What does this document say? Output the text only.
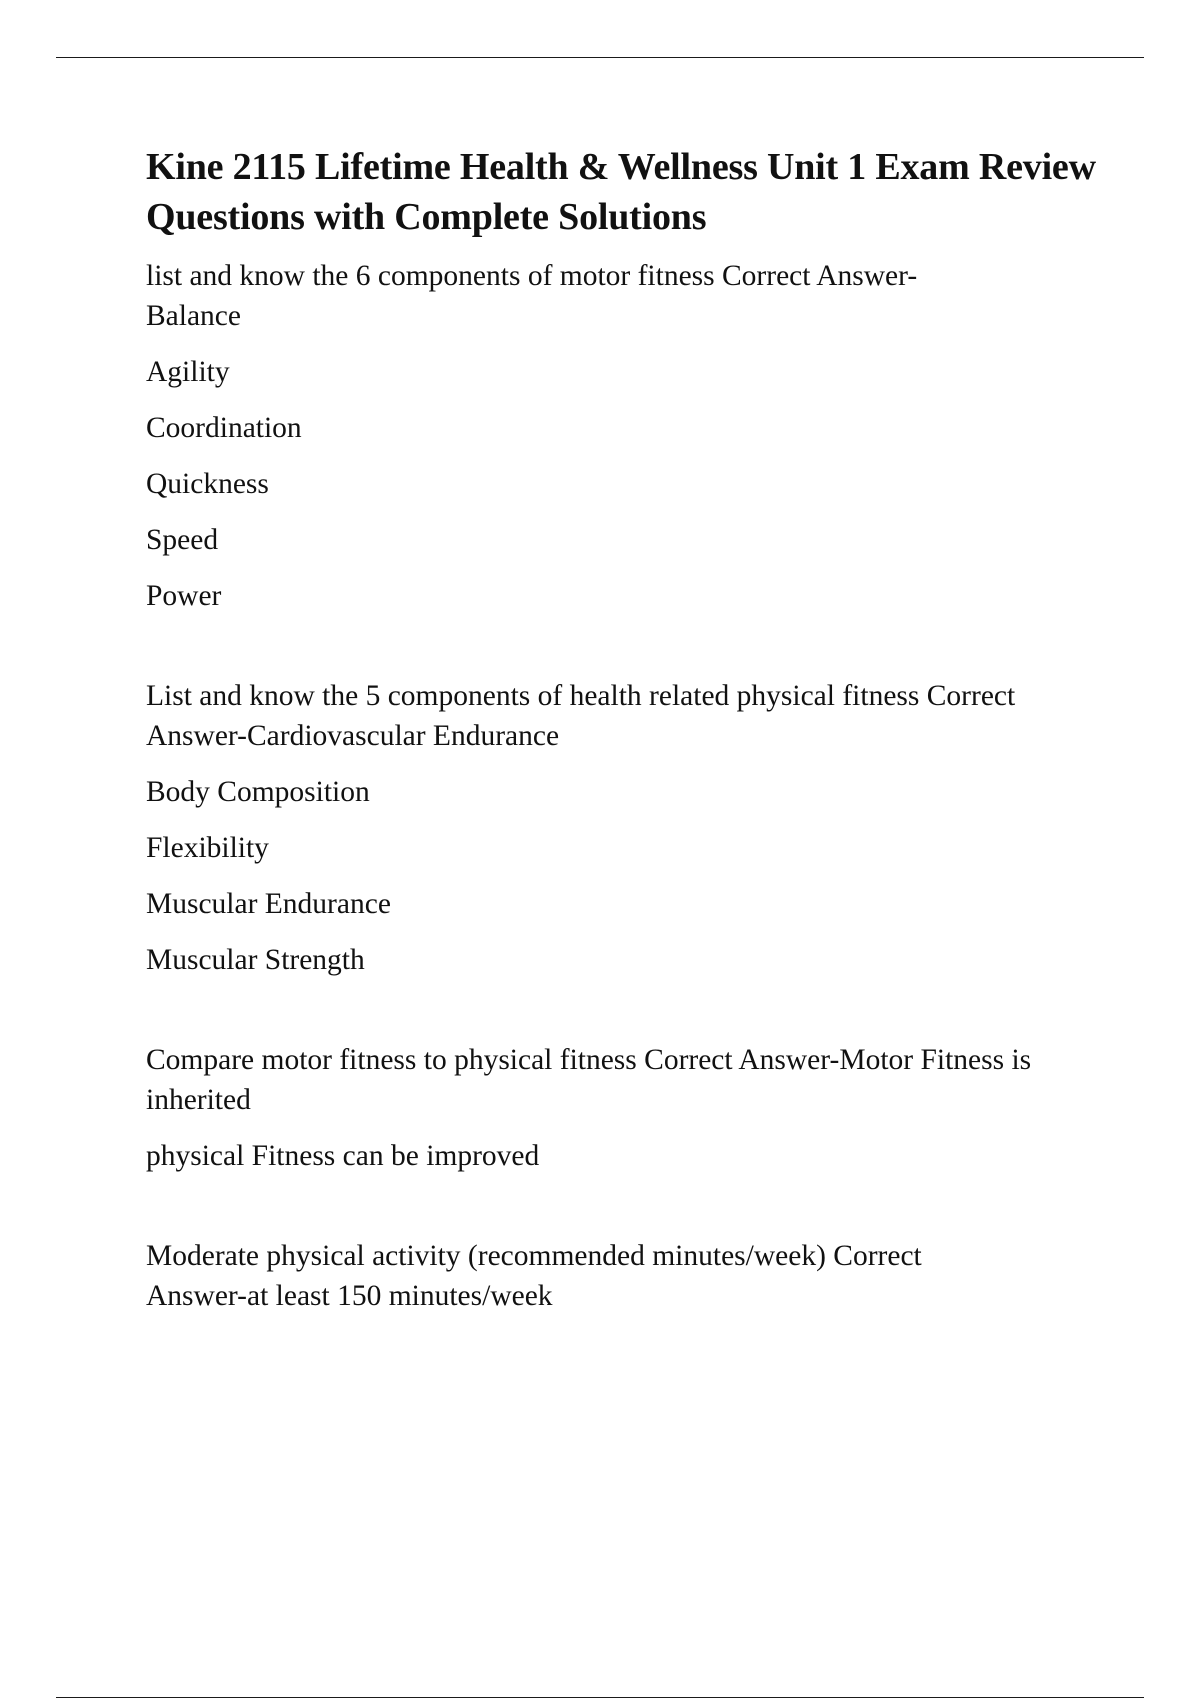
Kine 2115 Lifetime Health & Wellness Unit 1 Exam Review Questions with Complete Solutions

list and know the 6 components of motor fitness Correct Answer-Balance

Agility

Coordination

Quickness

Speed

Power

List and know the 5 components of health related physical fitness Correct Answer-Cardiovascular Endurance

Body Composition

Flexibility

Muscular Endurance

Muscular Strength

Compare motor fitness to physical fitness Correct Answer-Motor Fitness is inherited

physical Fitness can be improved

Moderate physical activity (recommended minutes/week) Correct Answer-at least 150 minutes/week
